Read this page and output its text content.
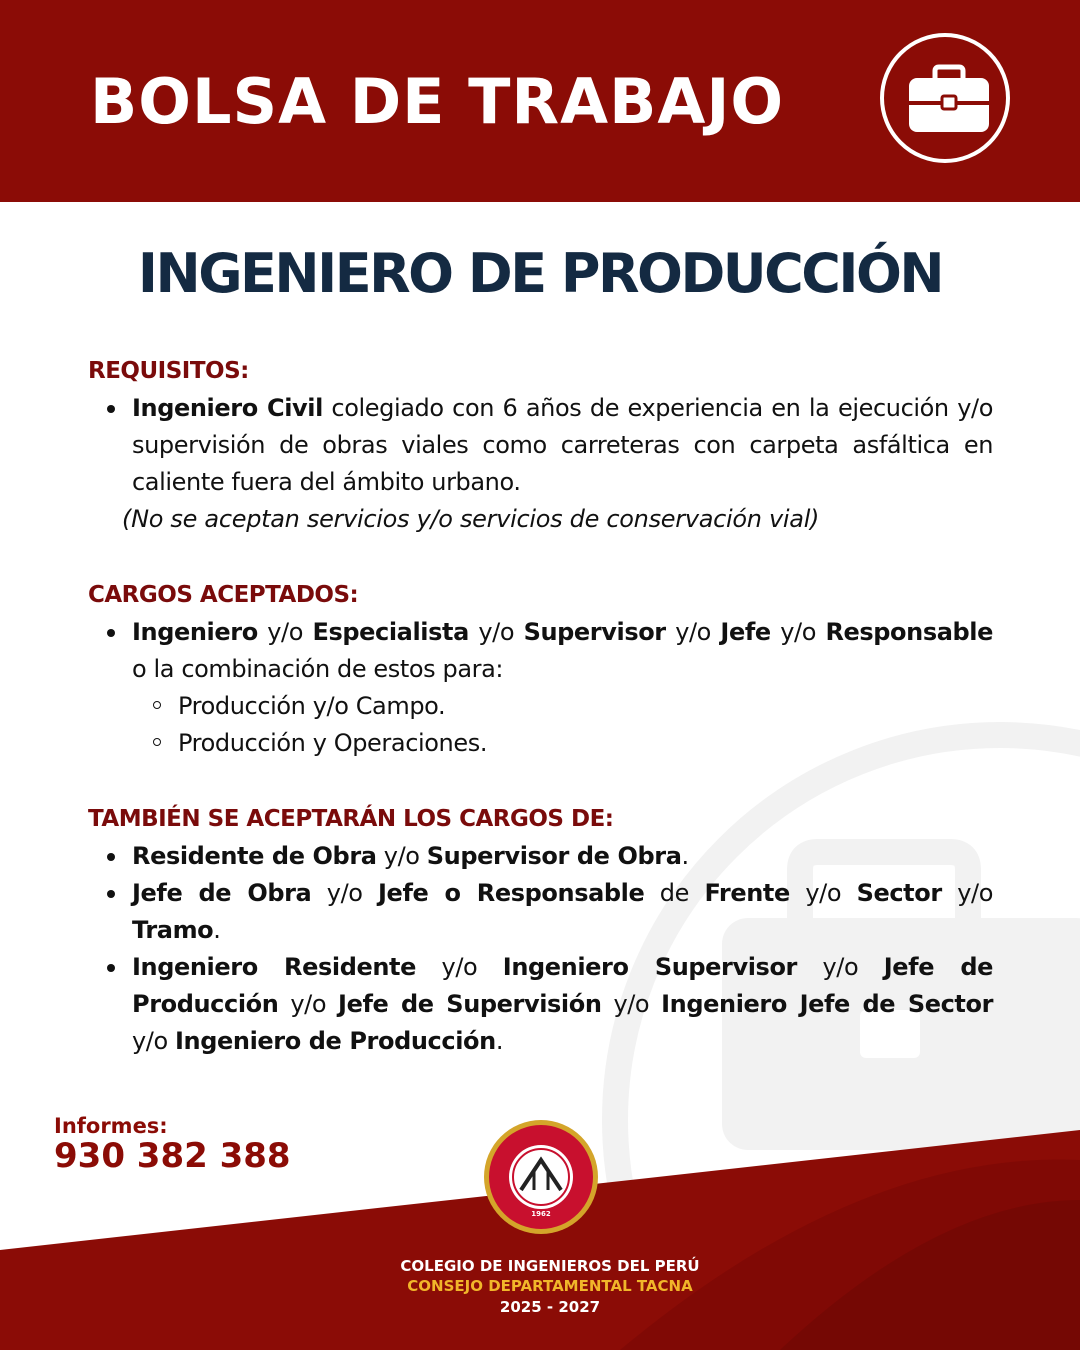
BOLSA DE TRABAJO
INGENIERO DE PRODUCCIÓN
REQUISITOS:
Ingeniero Civil colegiado con 6 años de experiencia en la ejecución y/o supervisión de obras viales como carreteras con carpeta asfáltica en caliente fuera del ámbito urbano.

(No se aceptan servicios y/o servicios de conservación vial)

CARGOS ACEPTADOS:
Ingeniero y/o Especialista y/o Supervisor y/o Jefe y/o Responsable o la combinación de estos para:
Producción y/o Campo.
Producción y Operaciones.
TAMBIÉN SE ACEPTARÁN LOS CARGOS DE:
Residente de Obra y/o Supervisor de Obra.
Jefe de Obra y/o Jefe o Responsable de Frente y/o Sector y/o Tramo.
Ingeniero Residente y/o Ingeniero Supervisor y/o Jefe de Producción y/o Jefe de Supervisión y/o Ingeniero Jefe de Sector y/o Ingeniero de Producción.

Informes:

930 382 388

1962

COLEGIO DE INGENIEROS DEL PERÚ

CONSEJO DEPARTAMENTAL TACNA

2025 - 2027
